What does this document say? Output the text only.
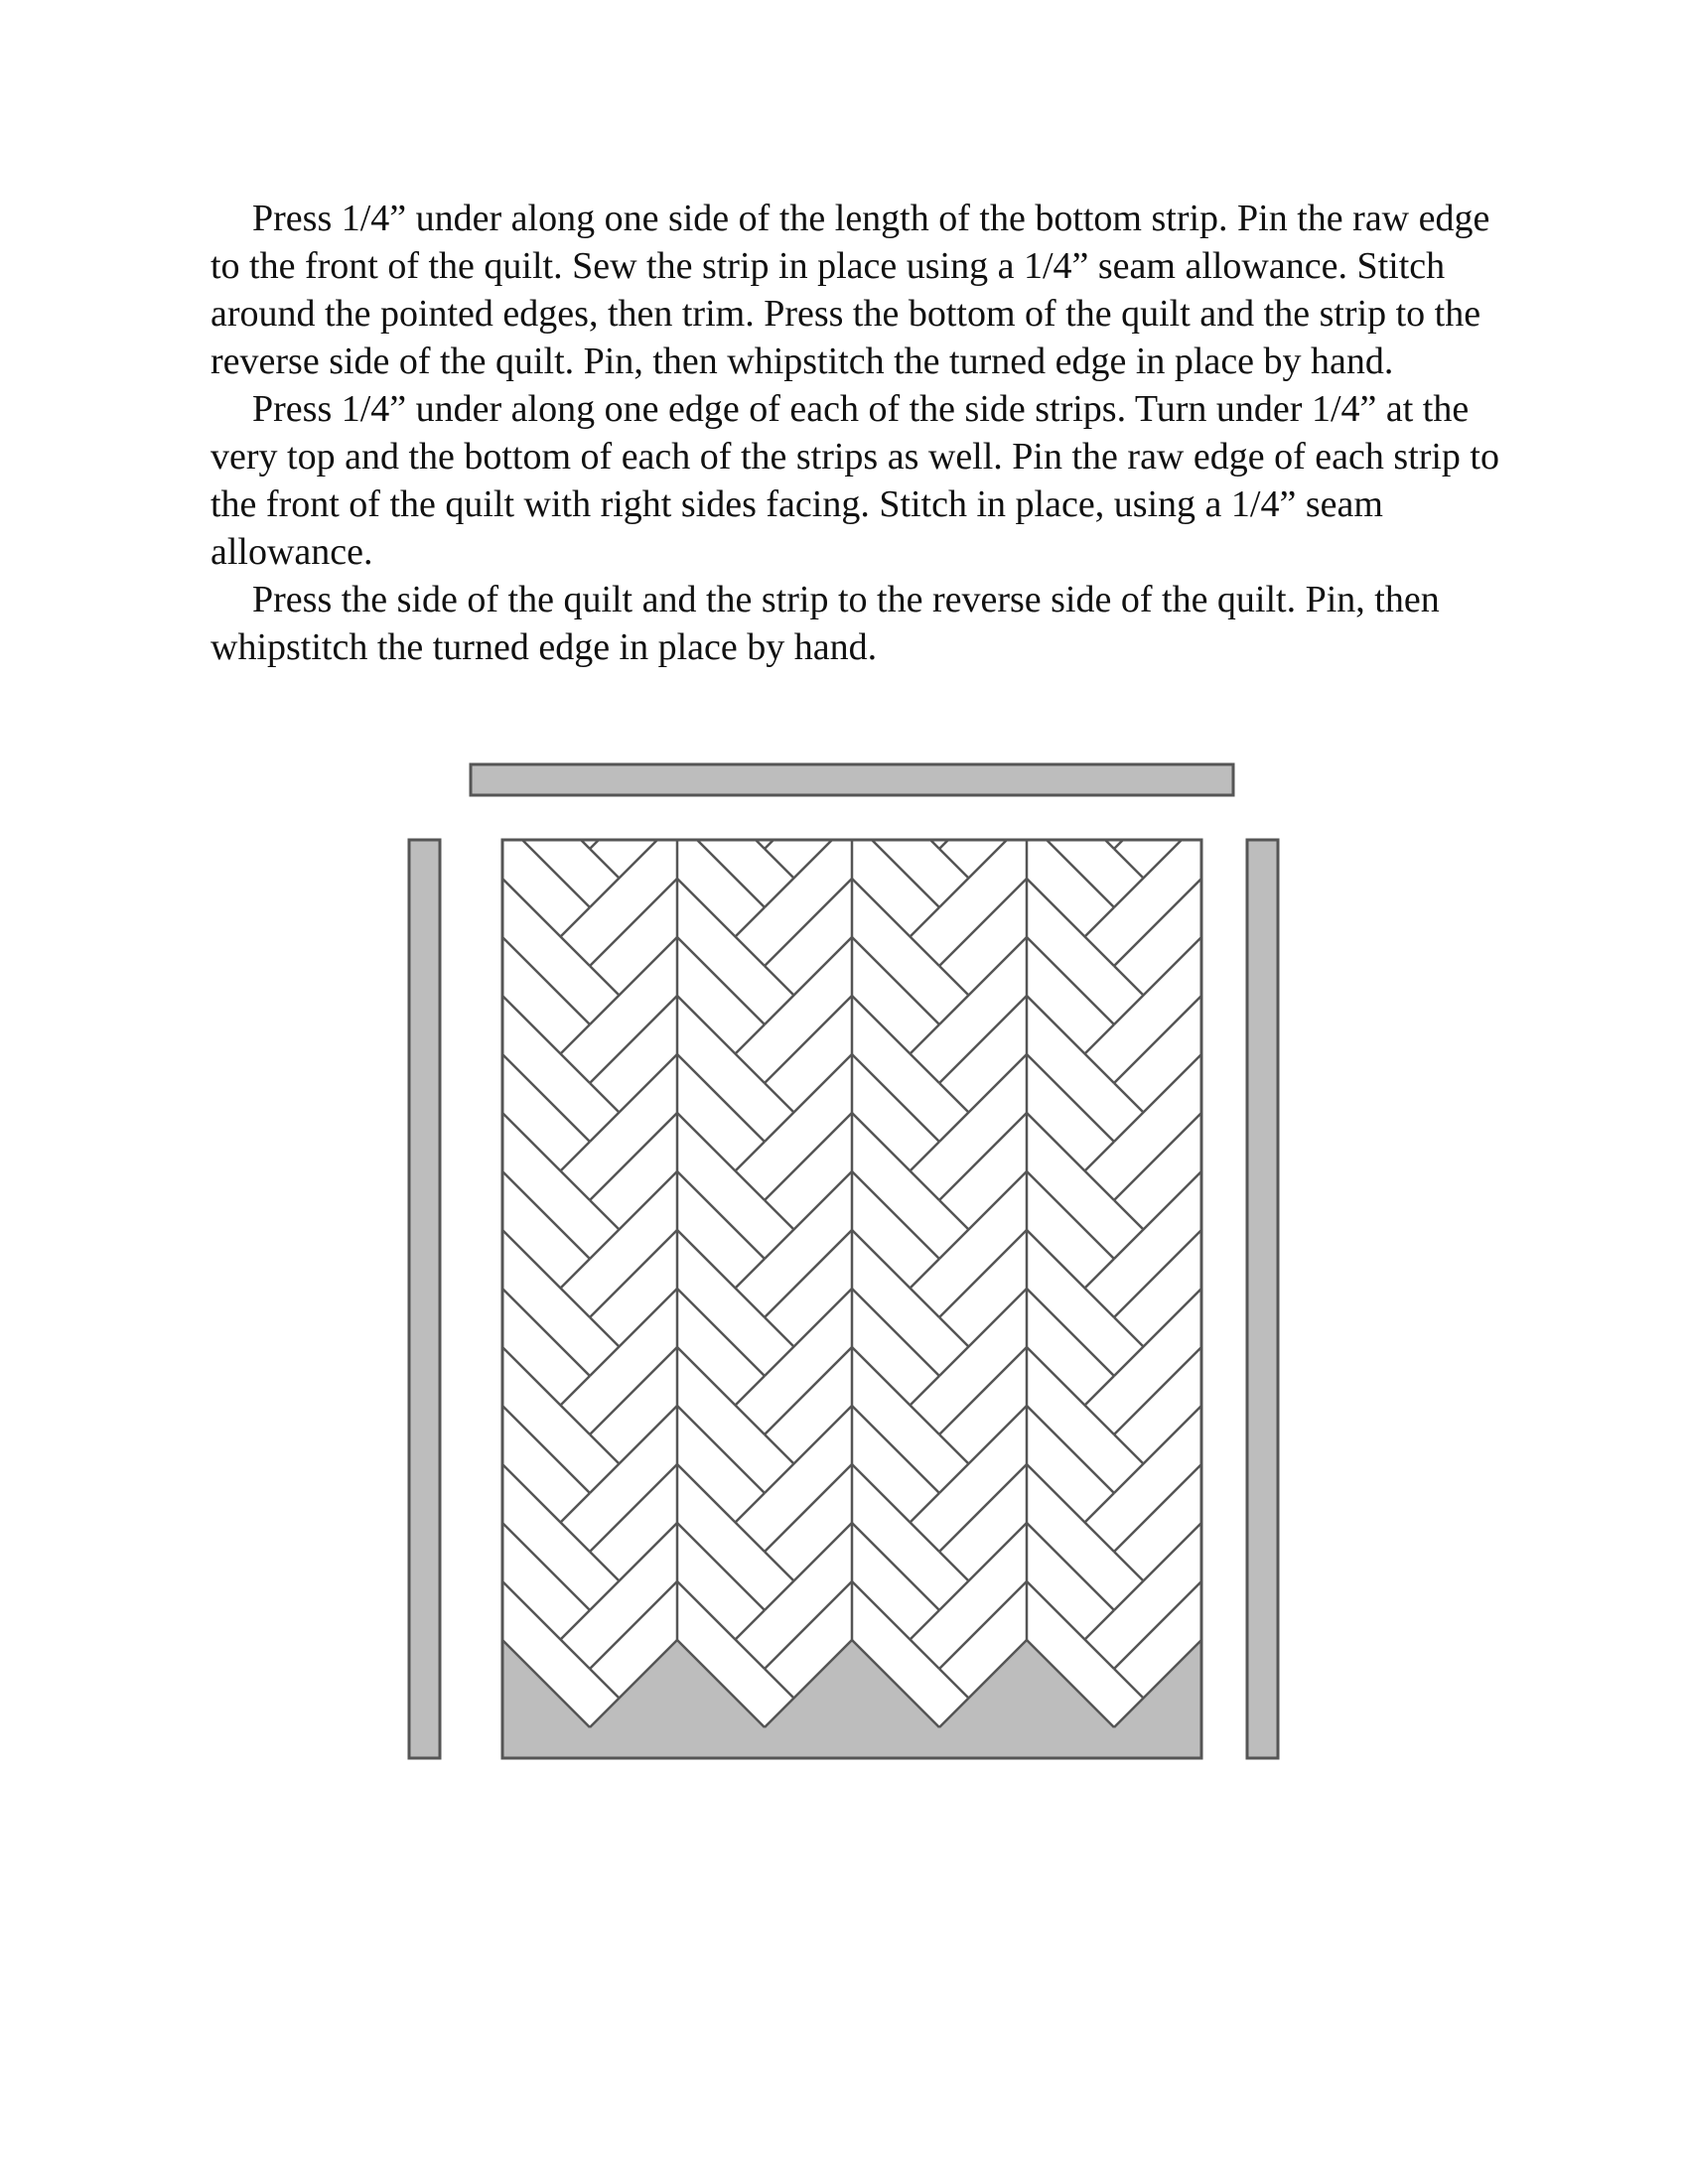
Press 1/4” under along one side of the length of the bottom strip. Pin the raw edge to the front of the quilt. Sew the strip in place using a 1/4” seam allowance. Stitch around the pointed edges, then trim. Press the bottom of the quilt and the strip to the reverse side of the quilt. Pin, then whipstitch the turned edge in place by hand.

Press 1/4” under along one edge of each of the side strips. Turn under 1/4” at the very top and the bottom of each of the strips as well. Pin the raw edge of each strip to the front of the quilt with right sides facing. Stitch in place, using a 1/4” seam allowance.

Press the side of the quilt and the strip to the reverse side of the quilt. Pin, then whipstitch the turned edge in place by hand.
